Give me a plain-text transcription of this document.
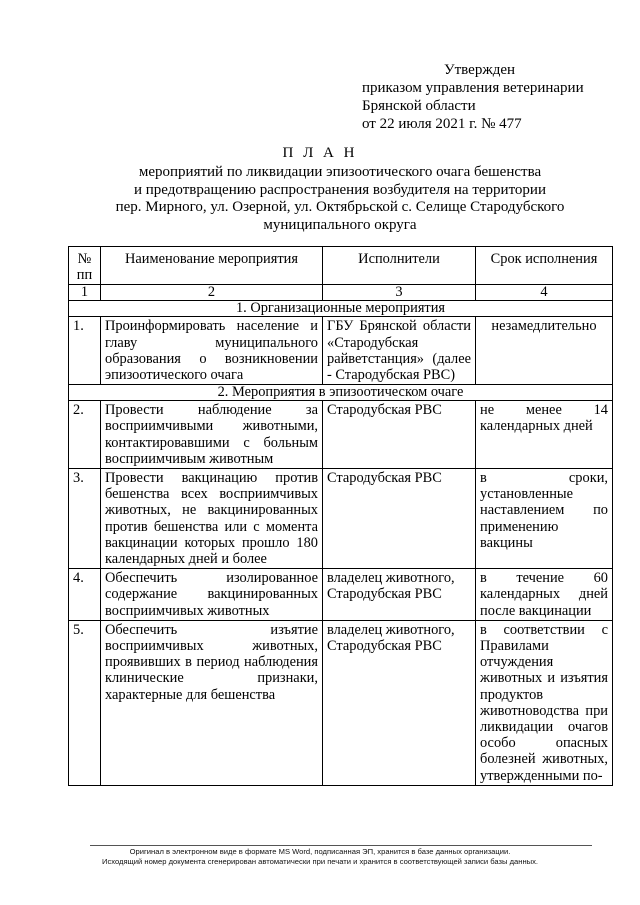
Утвержден
приказом управления ветеринарии
Брянской области
от 22 июля 2021 г. № 477
П Л А Н
мероприятий по ликвидации эпизоотического очага бешенства
и предотвращению распространения возбудителя на территории
пер. Мирного, ул. Озерной, ул. Октябрьской с. Селище Стародубского
муниципального округа
№ пп	Наименование мероприятия	Исполнители	Срок исполнения
1	2	3	4
1. Организационные мероприятия			
1.	Проинформировать население и главу муниципального образования о возникновении эпизоотического очага	ГБУ Брянской области «Стародубская райветстанция» (далее - Стародубская РВС)	незамедлительно
2. Мероприятия в эпизоотическом очаге			
2.	Провести наблюдение за восприимчивыми животными, контактировавшими с больным восприимчивым животным	Стародубская РВС	не менее 14 календарных дней
3.	Провести вакцинацию против бешенства всех восприимчивых животных, не вакцинированных против бешенства или с момента вакцинации которых прошло 180 календарных дней и более	Стародубская РВС	в сроки, установленные наставлением по применению вакцины
4.	Обеспечить изолированное содержание вакцинированных восприимчивых животных	владелец животного, Стародубская РВС	в течение 60 календарных дней после вакцинации
5.	Обеспечить изъятие восприимчивых животных, проявивших в период наблюдения клинические признаки, характерные для бешенства	владелец животного, Стародубская РВС	в соответствии с Правилами отчуждения животных и изъятия продуктов животноводства при ликвидации очагов особо опасных болезней животных, утвержденными по-
Оригинал в электронном виде в формате MS Word, подписанная ЭП, хранится в базе данных организации.
Исходящий номер документа сгенерирован автоматически при печати и хранится в соответствующей записи базы данных.
